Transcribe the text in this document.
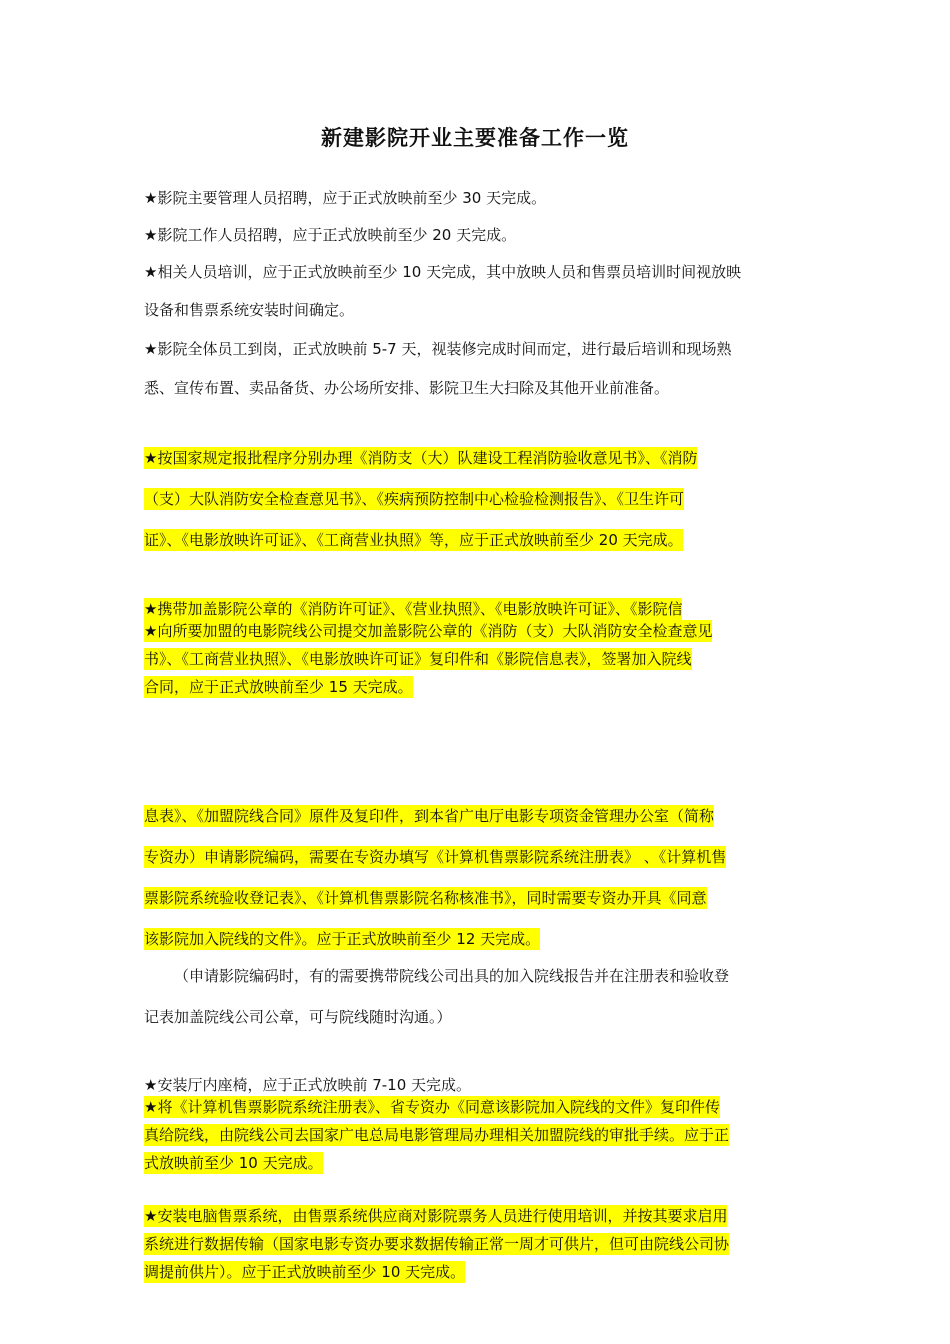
新建影院开业主要准备工作一览
★影院主要管理人员招聘，应于正式放映前至少 30 天完成。
★影院工作人员招聘，应于正式放映前至少 20 天完成。
★相关人员培训，应于正式放映前至少 10 天完成，其中放映人员和售票员培训时间视放映
设备和售票系统安装时间确定。
★影院全体员工到岗，正式放映前 5-7 天，视装修完成时间而定，进行最后培训和现场熟
悉、宣传布置、卖品备货、办公场所安排、影院卫生大扫除及其他开业前准备。
★按国家规定报批程序分别办理《消防支（大）队建设工程消防验收意见书》、《消防
（支）大队消防安全检查意见书》、《疾病预防控制中心检验检测报告》、《卫生许可
证》、《电影放映许可证》、《工商营业执照》等，应于正式放映前至少 20 天完成。
★携带加盖影院公章的《消防许可证》、《营业执照》、《电影放映许可证》、《影院信
★向所要加盟的电影院线公司提交加盖影院公章的《消防（支）大队消防安全检查意见
书》、《工商营业执照》、《电影放映许可证》复印件和《影院信息表》，签署加入院线
合同，应于正式放映前至少 15 天完成。
息表》、《加盟院线合同》原件及复印件，到本省广电厅电影专项资金管理办公室（简称
专资办）申请影院编码，需要在专资办填写《计算机售票影院系统注册表》 、《计算机售
票影院系统验收登记表》、《计算机售票影院名称核准书》，同时需要专资办开具《同意
该影院加入院线的文件》。应于正式放映前至少 12 天完成。
（申请影院编码时，有的需要携带院线公司出具的加入院线报告并在注册表和验收登
记表加盖院线公司公章，可与院线随时沟通。）
★安装厅内座椅，应于正式放映前 7-10 天完成。
★将《计算机售票影院系统注册表》、省专资办《同意该影院加入院线的文件》复印件传
真给院线，由院线公司去国家广电总局电影管理局办理相关加盟院线的审批手续。应于正
式放映前至少 10 天完成。
★安装电脑售票系统，由售票系统供应商对影院票务人员进行使用培训，并按其要求启用
系统进行数据传输（国家电影专资办要求数据传输正常一周才可供片，但可由院线公司协
调提前供片）。应于正式放映前至少 10 天完成。
